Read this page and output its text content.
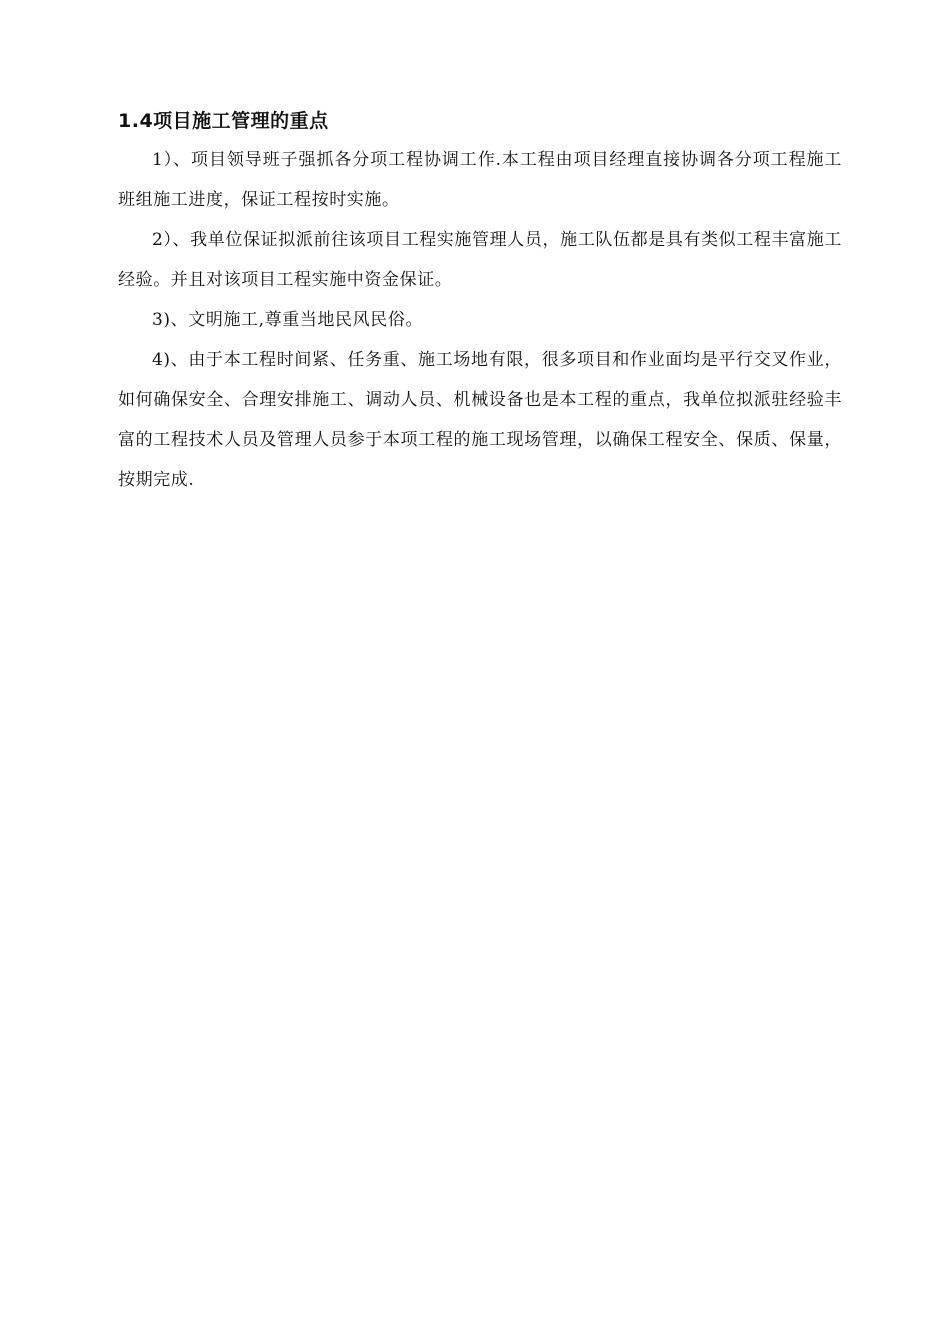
1.4项目施工管理的重点

1）、项目领导班子强抓各分项工程协调工作.本工程由项目经理直接协调各分项工程施工班组施工进度，保证工程按时实施。

2）、我单位保证拟派前往该项目工程实施管理人员，施工队伍都是具有类似工程丰富施工经验。并且对该项目工程实施中资金保证。

3)、文明施工,尊重当地民风民俗。

4)、由于本工程时间紧、任务重、施工场地有限，很多项目和作业面均是平行交叉作业，如何确保安全、合理安排施工、调动人员、机械设备也是本工程的重点，我单位拟派驻经验丰富的工程技术人员及管理人员参于本项工程的施工现场管理，以确保工程安全、保质、保量，按期完成.
